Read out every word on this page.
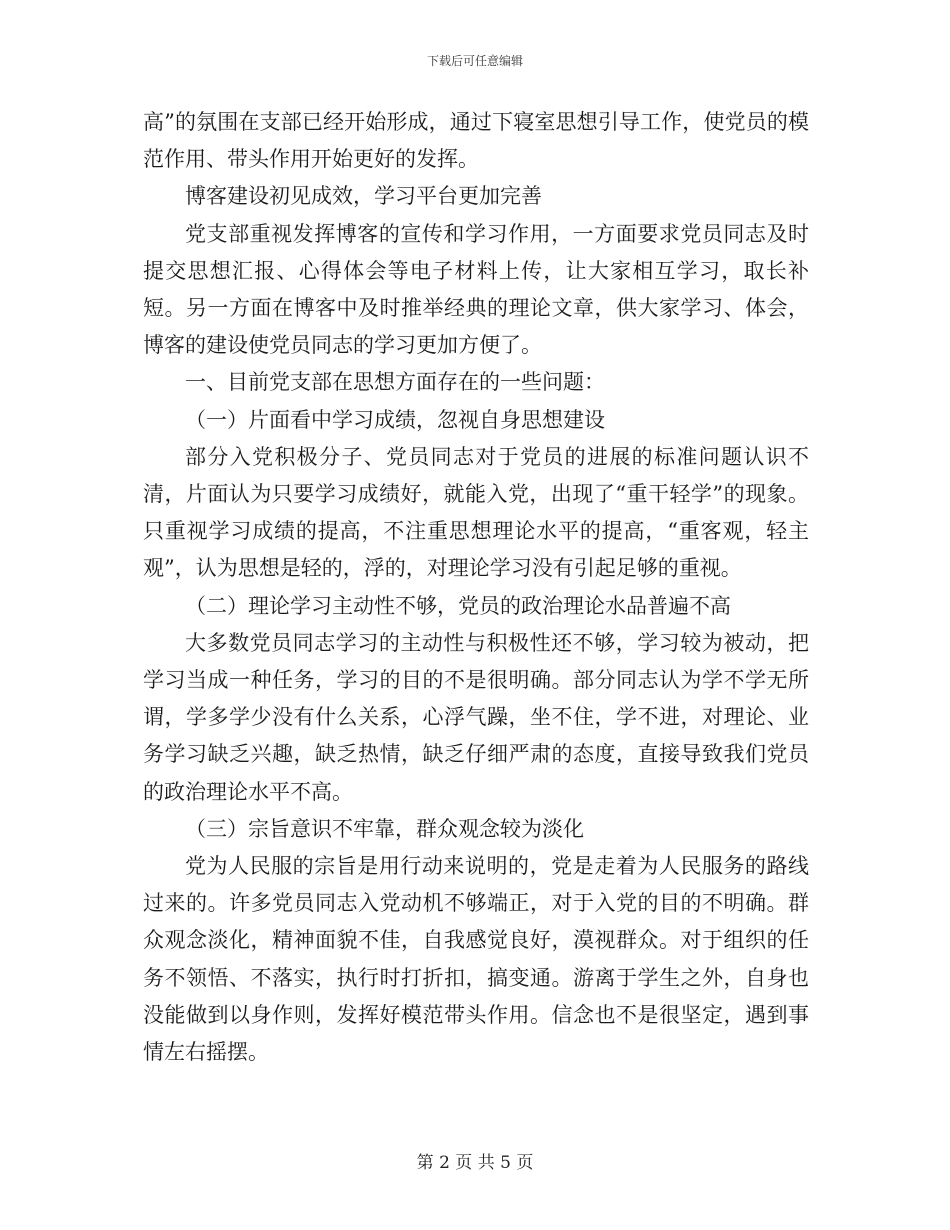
下载后可任意编辑

高”的氛围在支部已经开始形成，通过下寝室思想引导工作，使党员的模范作用、带头作用开始更好的发挥。

博客建设初见成效，学习平台更加完善

党支部重视发挥博客的宣传和学习作用，一方面要求党员同志及时提交思想汇报、心得体会等电子材料上传，让大家相互学习，取长补短。另一方面在博客中及时推举经典的理论文章，供大家学习、体会，博客的建设使党员同志的学习更加方便了。

一、目前党支部在思想方面存在的一些问题：

（一）片面看中学习成绩，忽视自身思想建设

部分入党积极分子、党员同志对于党员的进展的标准问题认识不清，片面认为只要学习成绩好，就能入党，出现了“重干轻学”的现象。只重视学习成绩的提高，不注重思想理论水平的提高，“重客观，轻主观”，认为思想是轻的，浮的，对理论学习没有引起足够的重视。

（二）理论学习主动性不够，党员的政治理论水品普遍不高

大多数党员同志学习的主动性与积极性还不够，学习较为被动，把学习当成一种任务，学习的目的不是很明确。部分同志认为学不学无所谓，学多学少没有什么关系，心浮气躁，坐不住，学不进，对理论、业务学习缺乏兴趣，缺乏热情，缺乏仔细严肃的态度，直接导致我们党员的政治理论水平不高。

（三）宗旨意识不牢靠，群众观念较为淡化

党为人民服的宗旨是用行动来说明的，党是走着为人民服务的路线过来的。许多党员同志入党动机不够端正，对于入党的目的不明确。群众观念淡化，精神面貌不佳，自我感觉良好，漠视群众。对于组织的任务不领悟、不落实，执行时打折扣，搞变通。游离于学生之外，自身也没能做到以身作则，发挥好模范带头作用。信念也不是很坚定，遇到事情左右摇摆。

第 2 页 共 5 页
